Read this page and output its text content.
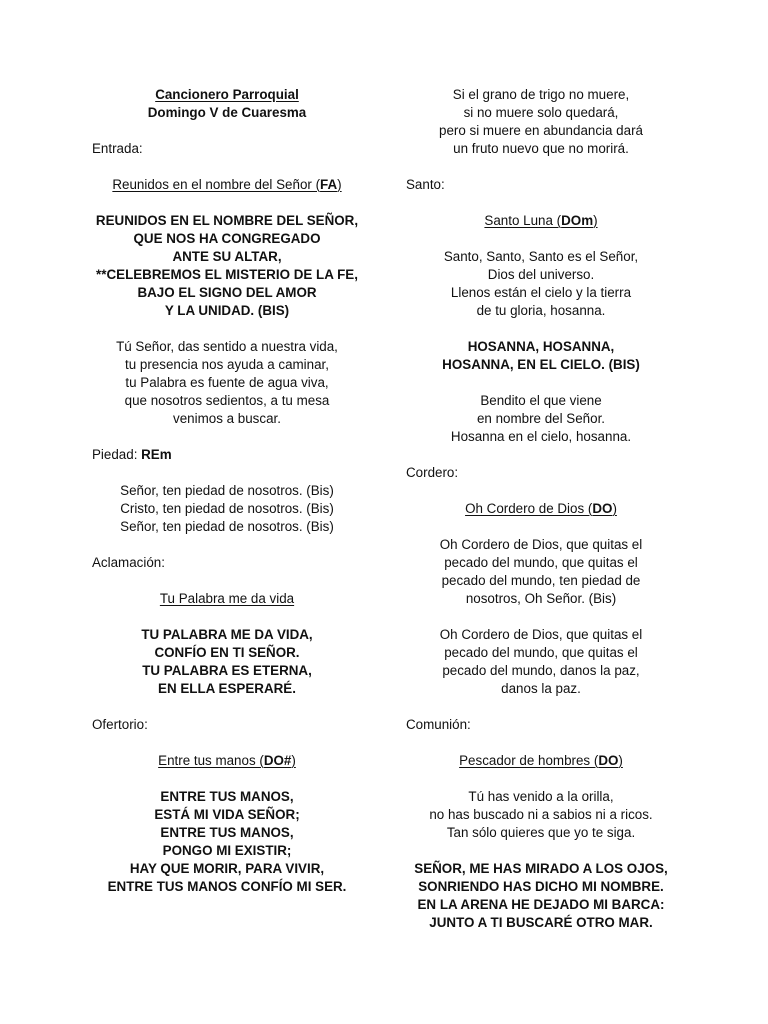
Cancionero Parroquial
Domingo V de Cuaresma
Entrada:
Reunidos en el nombre del Señor (FA)
REUNIDOS EN EL NOMBRE DEL SEÑOR,
QUE NOS HA CONGREGADO
ANTE SU ALTAR,
**CELEBREMOS EL MISTERIO DE LA FE,
BAJO EL SIGNO DEL AMOR
Y LA UNIDAD. (BIS)
Tú Señor, das sentido a nuestra vida,
tu presencia nos ayuda a caminar,
tu Palabra es fuente de agua viva,
que nosotros sedientos, a tu mesa
venimos a buscar.
Piedad: REm
Señor, ten piedad de nosotros. (Bis)
Cristo, ten piedad de nosotros. (Bis)
Señor, ten piedad de nosotros. (Bis)
Aclamación:
Tu Palabra me da vida
TU PALABRA ME DA VIDA,
CONFÍO EN TI SEÑOR.
TU PALABRA ES ETERNA,
EN ELLA ESPERARÉ.
Ofertorio:
Entre tus manos (DO#)
ENTRE TUS MANOS,
ESTÁ MI VIDA SEÑOR;
ENTRE TUS MANOS,
PONGO MI EXISTIR;
HAY QUE MORIR, PARA VIVIR,
ENTRE TUS MANOS CONFÍO MI SER.
Si el grano de trigo no muere,
si no muere solo quedará,
pero si muere en abundancia dará
un fruto nuevo que no morirá.
Santo:
Santo Luna (DOm)
Santo, Santo, Santo es el Señor,
Dios del universo.
Llenos están el cielo y la tierra
de tu gloria, hosanna.
HOSANNA, HOSANNA,
HOSANNA, EN EL CIELO. (BIS)
Bendito el que viene
en nombre del Señor.
Hosanna en el cielo, hosanna.
Cordero:
Oh Cordero de Dios (DO)
Oh Cordero de Dios, que quitas el
pecado del mundo, que quitas el
pecado del mundo, ten piedad de
nosotros, Oh Señor. (Bis)
Oh Cordero de Dios, que quitas el
pecado del mundo, que quitas el
pecado del mundo, danos la paz,
danos la paz.
Comunión:
Pescador de hombres (DO)
Tú has venido a la orilla,
no has buscado ni a sabios ni a ricos.
Tan sólo quieres que yo te siga.
SEÑOR, ME HAS MIRADO A LOS OJOS,
SONRIENDO HAS DICHO MI NOMBRE.
EN LA ARENA HE DEJADO MI BARCA:
JUNTO A TI BUSCARÉ OTRO MAR.
